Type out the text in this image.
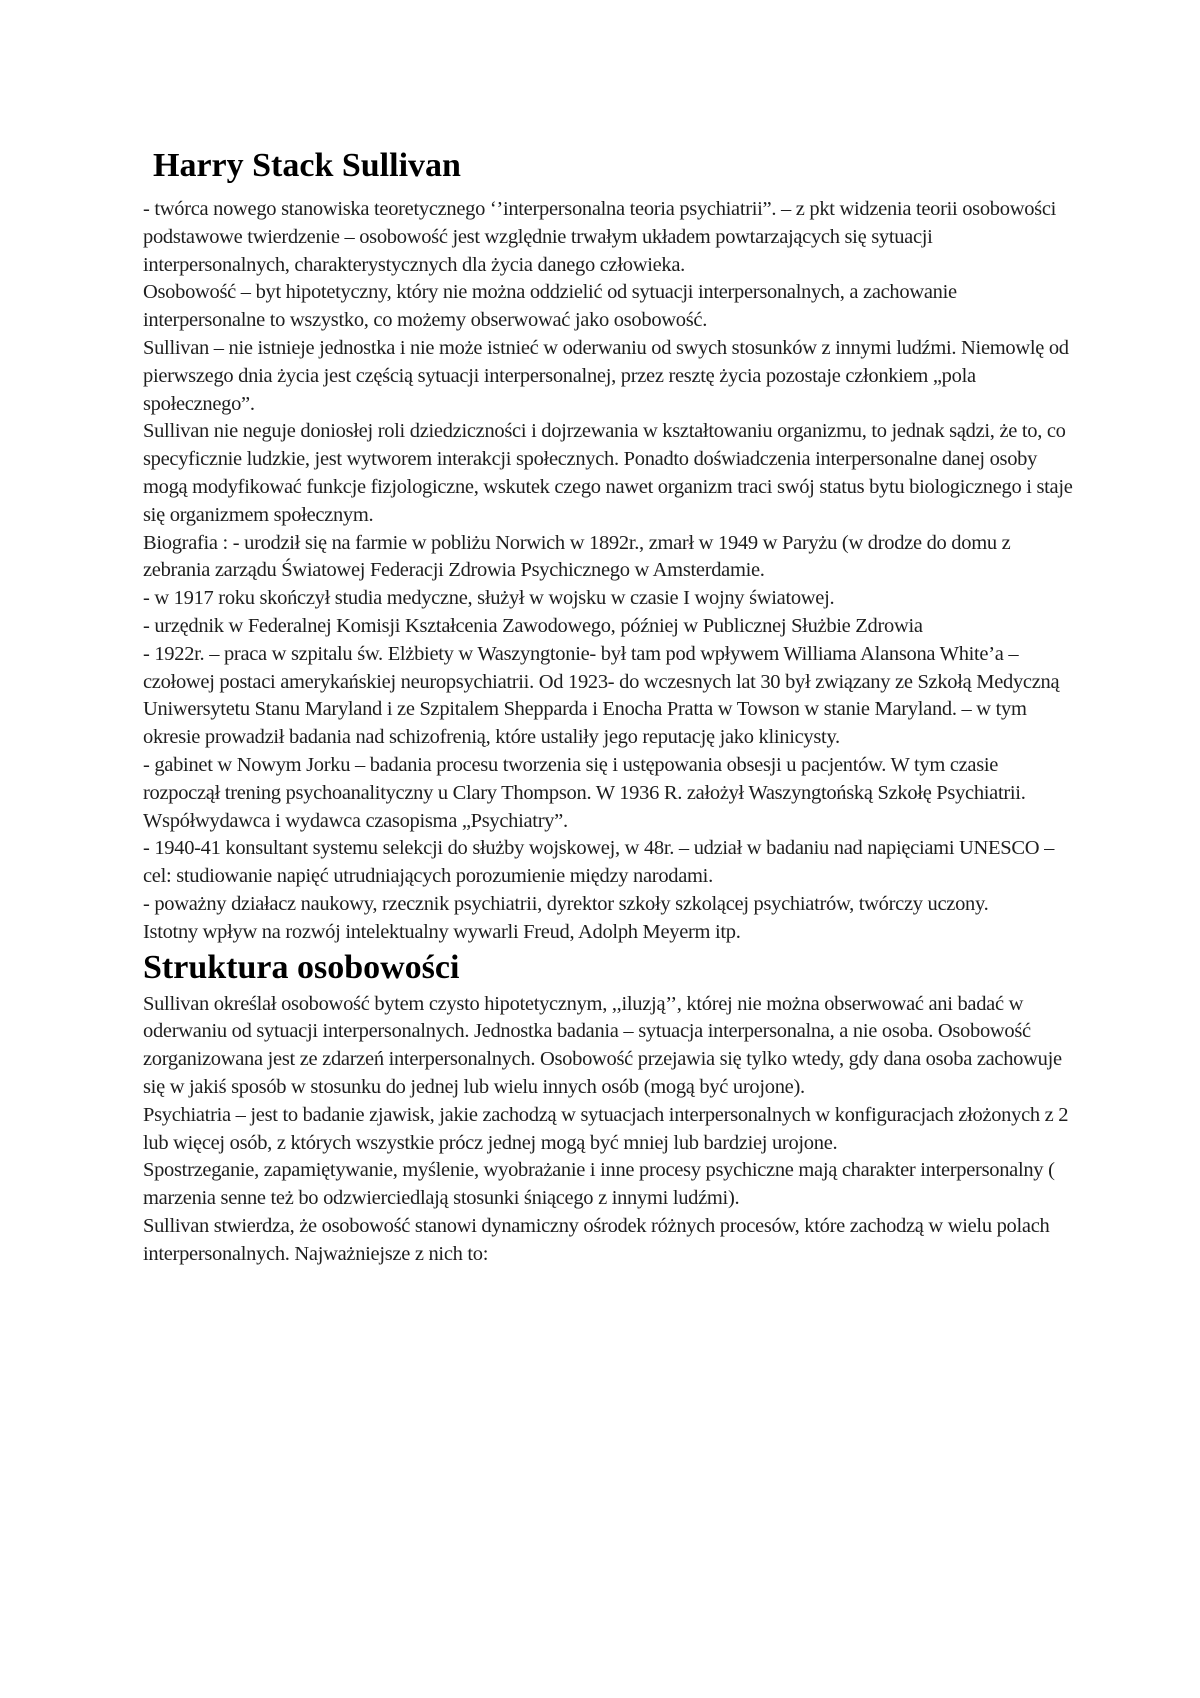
Harry Stack Sullivan

- twórca nowego stanowiska teoretycznego ‘’interpersonalna teoria psychiatrii”. – z pkt widzenia teorii osobowości podstawowe twierdzenie – osobowość jest względnie trwałym układem powtarzających się sytuacji interpersonalnych, charakterystycznych dla życia danego człowieka.

Osobowość – byt hipotetyczny, który nie można oddzielić od sytuacji interpersonalnych, a zachowanie interpersonalne to wszystko, co możemy obserwować jako osobowość.

Sullivan – nie istnieje jednostka i nie może istnieć w oderwaniu od swych stosunków z innymi ludźmi. Niemowlę od pierwszego dnia życia jest częścią sytuacji interpersonalnej, przez resztę życia pozostaje członkiem „pola społecznego”.

Sullivan nie neguje doniosłej roli dziedziczności i dojrzewania w kształtowaniu organizmu, to jednak sądzi, że to, co specyficznie ludzkie, jest wytworem interakcji społecznych. Ponadto doświadczenia interpersonalne danej osoby mogą modyfikować funkcje fizjologiczne, wskutek czego nawet organizm traci swój status bytu biologicznego i staje się organizmem społecznym.

Biografia : - urodził się na farmie w pobliżu Norwich w 1892r., zmarł w 1949 w Paryżu (w drodze do domu z zebrania zarządu Światowej Federacji Zdrowia Psychicznego w Amsterdamie.

- w 1917 roku skończył studia medyczne, służył w wojsku w czasie I wojny światowej.

- urzędnik w Federalnej Komisji Kształcenia Zawodowego, później w Publicznej Służbie Zdrowia

- 1922r. – praca w szpitalu św. Elżbiety w Waszyngtonie- był tam pod wpływem Williama Alansona White’a –czołowej postaci amerykańskiej neuropsychiatrii. Od 1923- do wczesnych lat 30 był związany ze Szkołą Medyczną Uniwersytetu Stanu Maryland i ze Szpitalem Shepparda i Enocha Pratta w Towson w stanie Maryland. – w tym okresie prowadził badania nad schizofrenią, które ustaliły jego reputację jako klinicysty.

- gabinet w Nowym Jorku – badania procesu tworzenia się i ustępowania obsesji u pacjentów. W tym czasie rozpoczął trening psychoanalityczny u Clary Thompson. W 1936 R. założył Waszyngtońską Szkołę Psychiatrii. Współwydawca i wydawca czasopisma „Psychiatry”.

- 1940-41 konsultant systemu selekcji do służby wojskowej, w 48r. – udział w badaniu nad napięciami UNESCO – cel: studiowanie napięć utrudniających porozumienie między narodami.

- poważny działacz naukowy, rzecznik psychiatrii, dyrektor szkoły szkolącej psychiatrów, twórczy uczony.

Istotny wpływ na rozwój intelektualny wywarli Freud, Adolph Meyerm itp.

Struktura osobowości

Sullivan określał osobowość bytem czysto hipotetycznym, ,,iluzją’’, której nie można obserwować ani badać w oderwaniu od sytuacji interpersonalnych. Jednostka badania – sytuacja interpersonalna, a nie osoba. Osobowość zorganizowana jest ze zdarzeń interpersonalnych. Osobowość przejawia się tylko wtedy, gdy dana osoba zachowuje się w jakiś sposób w stosunku do jednej lub wielu innych osób (mogą być urojone).

Psychiatria – jest to badanie zjawisk, jakie zachodzą w sytuacjach interpersonalnych w konfiguracjach złożonych z 2 lub więcej osób, z których wszystkie prócz jednej mogą być mniej lub bardziej urojone.

Spostrzeganie, zapamiętywanie, myślenie, wyobrażanie i inne procesy psychiczne mają charakter interpersonalny ( marzenia senne też bo odzwierciedlają stosunki śniącego z innymi ludźmi).

Sullivan stwierdza, że osobowość stanowi dynamiczny ośrodek różnych procesów, które zachodzą w wielu polach interpersonalnych. Najważniejsze z nich to:
